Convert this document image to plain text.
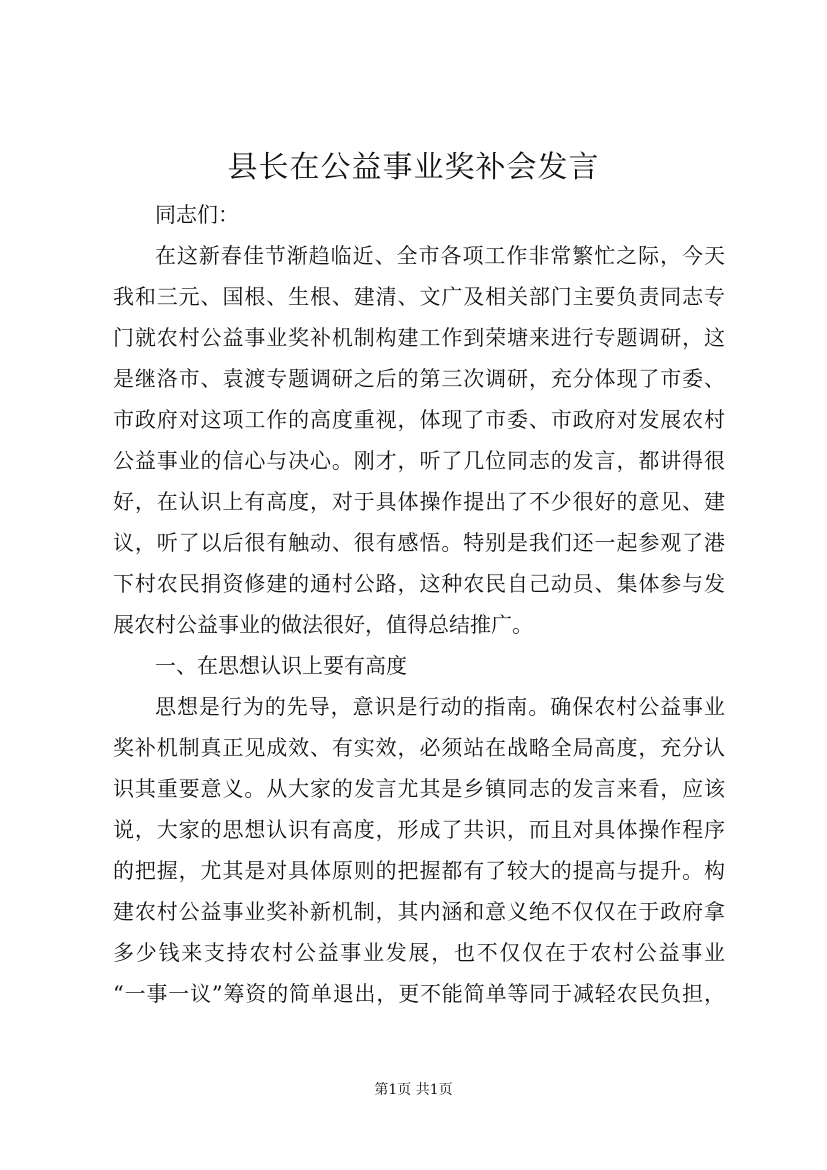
县长在公益事业奖补会发言
同志们：
在这新春佳节渐趋临近、全市各项工作非常繁忙之际，今天
我和三元、国根、生根、建清、文广及相关部门主要负责同志专
门就农村公益事业奖补机制构建工作到荣塘来进行专题调研，这
是继洛市、袁渡专题调研之后的第三次调研，充分体现了市委、
市政府对这项工作的高度重视，体现了市委、市政府对发展农村
公益事业的信心与决心。刚才，听了几位同志的发言，都讲得很
好，在认识上有高度，对于具体操作提出了不少很好的意见、建
议，听了以后很有触动、很有感悟。特别是我们还一起参观了港
下村农民捐资修建的通村公路，这种农民自己动员、集体参与发
展农村公益事业的做法很好，值得总结推广。
一、在思想认识上要有高度
思想是行为的先导，意识是行动的指南。确保农村公益事业
奖补机制真正见成效、有实效，必须站在战略全局高度，充分认
识其重要意义。从大家的发言尤其是乡镇同志的发言来看，应该
说，大家的思想认识有高度，形成了共识，而且对具体操作程序
的把握，尤其是对具体原则的把握都有了较大的提高与提升。构
建农村公益事业奖补新机制，其内涵和意义绝不仅仅在于政府拿
多少钱来支持农村公益事业发展，也不仅仅在于农村公益事业
“一事一议”筹资的简单退出，更不能简单等同于减轻农民负担，
第1页 共1页
